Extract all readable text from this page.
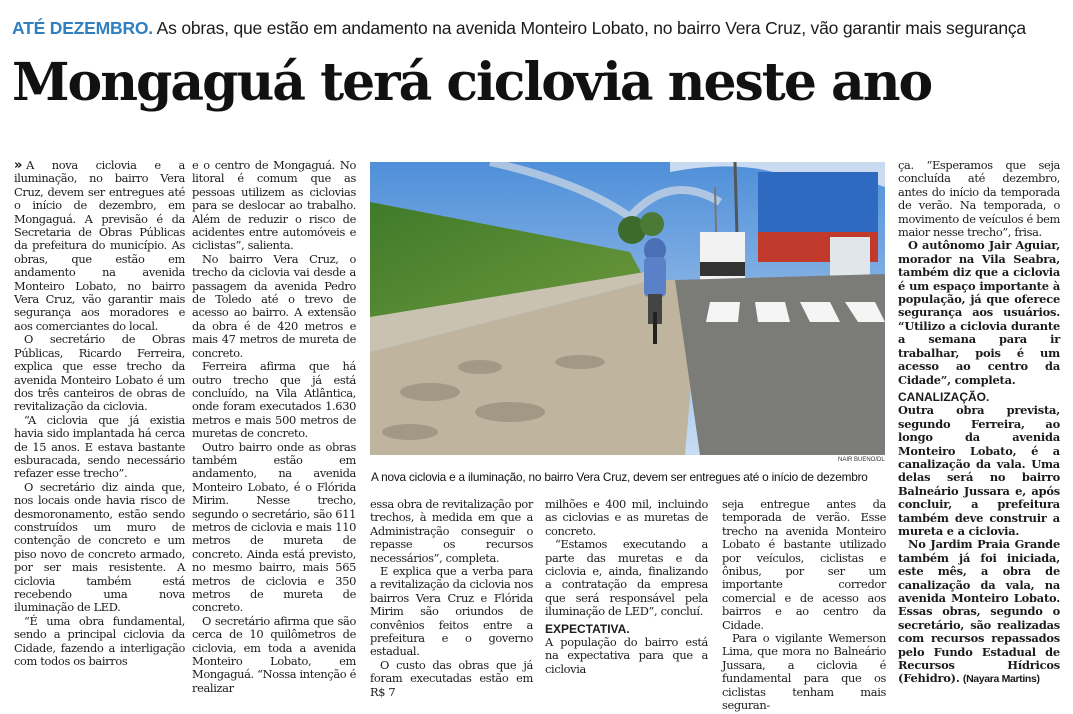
ATÉ DEZEMBRO. As obras, que estão em andamento na avenida Monteiro Lobato, no bairro Vera Cruz, vão garantir mais segurança
Mongaguá terá ciclovia neste ano

» A nova ciclovia e a iluminação, no bairro Vera Cruz, devem ser entregues até o início de dezembro, em Mongaguá. A previsão é da Secretaria de Obras Públicas da prefeitura do município. As obras, que estão em andamento na avenida Monteiro Lobato, no bairro Vera Cruz, vão garantir mais segurança aos moradores e aos comerciantes do local.

O secretário de Obras Públicas, Ricardo Ferreira, explica que esse trecho da avenida Monteiro Lobato é um dos três canteiros de obras de revitalização da ciclovia.

“A ciclovia que já existia havia sido implantada há cerca de 15 anos. E estava bastante esburacada, sendo necessário refazer esse trecho”.

O secretário diz ainda que, nos locais onde havia risco de desmoronamento, estão sendo construídos um muro de contenção de concreto e um piso novo de concreto armado, por ser mais resistente. A ciclovia também está recebendo uma nova iluminação de LED.

“É uma obra fundamental, sendo a principal ciclovia da Cidade, fazendo a interligação com todos os bairros

e o centro de Mongaguá. No litoral é comum que as pessoas utilizem as ciclovias para se deslocar ao trabalho. Além de reduzir o risco de acidentes entre automóveis e ciclistas”, salienta.

No bairro Vera Cruz, o trecho da ciclovia vai desde a passagem da avenida Pedro de Toledo até o trevo de acesso ao bairro. A extensão da obra é de 420 metros e mais 47 metros de mureta de concreto.

Ferreira afirma que há outro trecho que já está concluído, na Vila Atlântica, onde foram executados 1.630 metros e mais 500 metros de muretas de concreto.

Outro bairro onde as obras também estão em andamento, na avenida Monteiro Lobato, é o Flórida Mirim. Nesse trecho, segundo o secretário, são 611 metros de ciclovia e mais 110 metros de mureta de concreto. Ainda está previsto, no mesmo bairro, mais 565 metros de ciclovia e 350 metros de mureta de concreto.

O secretário afirma que são cerca de 10 quilômetros de ciclovia, em toda a avenida Monteiro Lobato, em Mongaguá. “Nossa intenção é realizar

NAIR BUENO/DL
A nova ciclovia e a iluminação, no bairro Vera Cruz, devem ser entregues até o início de dezembro

essa obra de revitalização por trechos, à medida em que a Administração conseguir o repasse os recursos necessários”, completa.

E explica que a verba para a revitalização da ciclovia nos bairros Vera Cruz e Flórida Mirim são oriundos de convênios feitos entre a prefeitura e o governo estadual.

O custo das obras que já foram executadas estão em R$ 7

milhões e 400 mil, incluindo as ciclovias e as muretas de concreto.

“Estamos executando a parte das muretas e da ciclovia e, ainda, finalizando a contratação da empresa que será responsável pela iluminação de LED”, concluí.

EXPECTATIVA.

A população do bairro está na expectativa para que a ciclovia

seja entregue antes da temporada de verão. Esse trecho na avenida Monteiro Lobato é bastante utilizado por veículos, ciclistas e ônibus, por ser um importante corredor comercial e de acesso aos bairros e ao centro da Cidade.

Para o vigilante Wemerson Lima, que mora no Balneário Jussara, a ciclovia é fundamental para que os ciclistas tenham mais seguran-

ça. “Esperamos que seja concluída até dezembro, antes do início da temporada de verão. Na temporada, o movimento de veículos é bem maior nesse trecho”, frisa.

O autônomo Jair Aguiar, morador na Vila Seabra, também diz que a ciclovia é um espaço importante à população, já que oferece segurança aos usuários. “Utilizo a ciclovia durante a semana para ir trabalhar, pois é um acesso ao centro da Cidade”, completa.

CANALIZAÇÃO.

Outra obra prevista, segundo Ferreira, ao longo da avenida Monteiro Lobato, é a canalização da vala. Uma delas será no bairro Balneário Jussara e, após concluir, a prefeitura também deve construir a mureta e a ciclovia.

No Jardim Praia Grande também já foi iniciada, este mês, a obra de canalização da vala, na avenida Monteiro Lobato. Essas obras, segundo o secretário, são realizadas com recursos repassados pelo Fundo Estadual de Recursos Hídricos (Fehidro). (Nayara Martins)
